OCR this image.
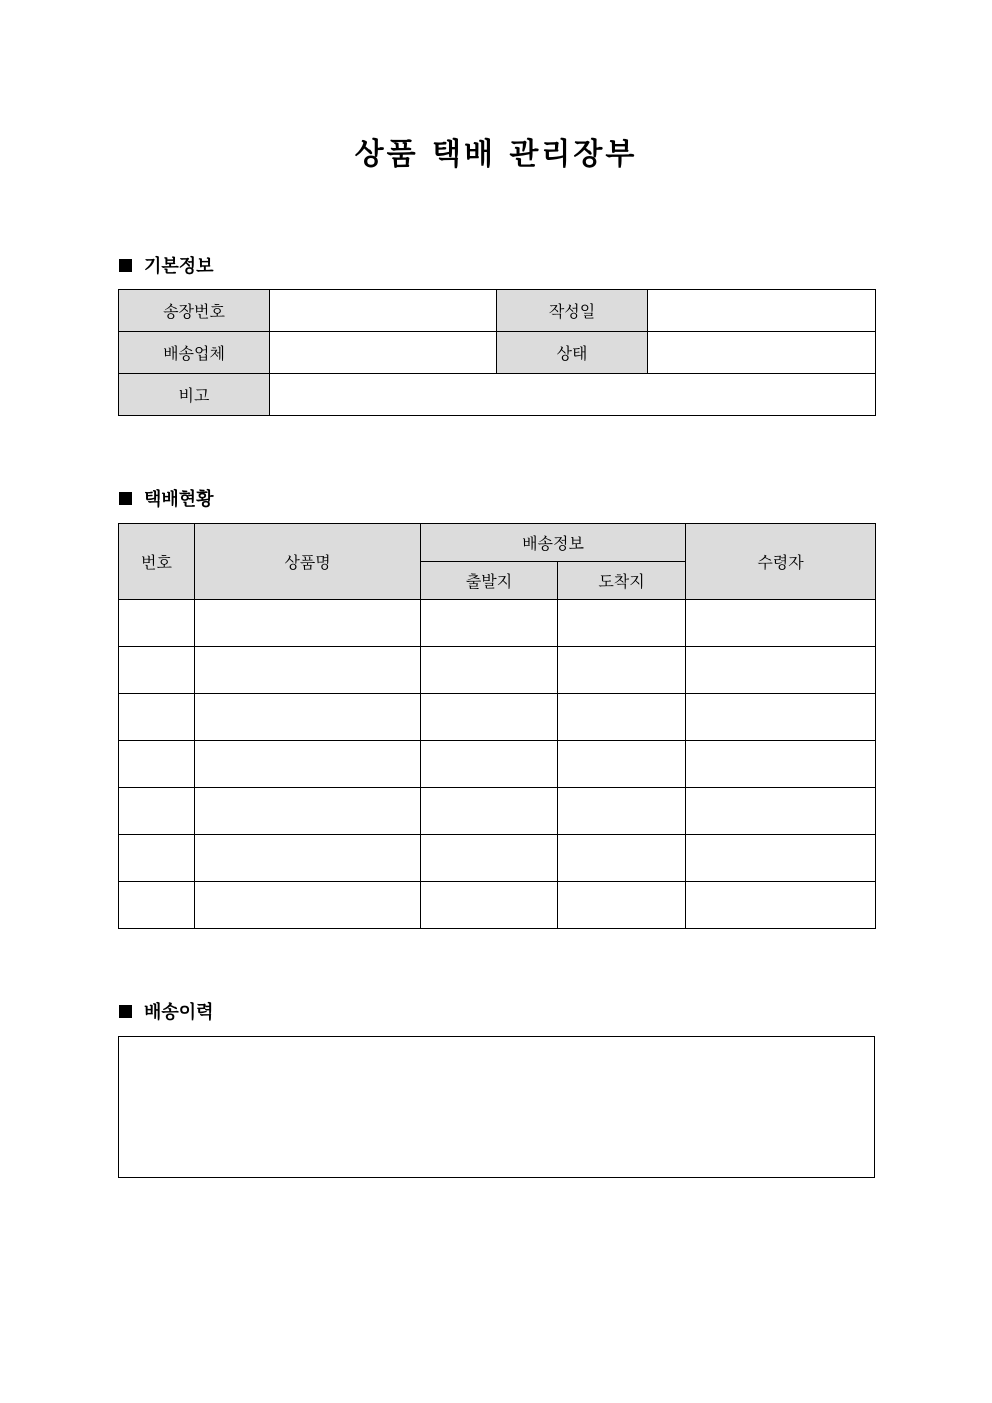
상품 택배 관리장부
기본정보
송장번호		작성일	
배송업체		상태	
비고			
택배현황
번호	상품명	배송정보		수령자
		출발지	도착지	

배송이력
